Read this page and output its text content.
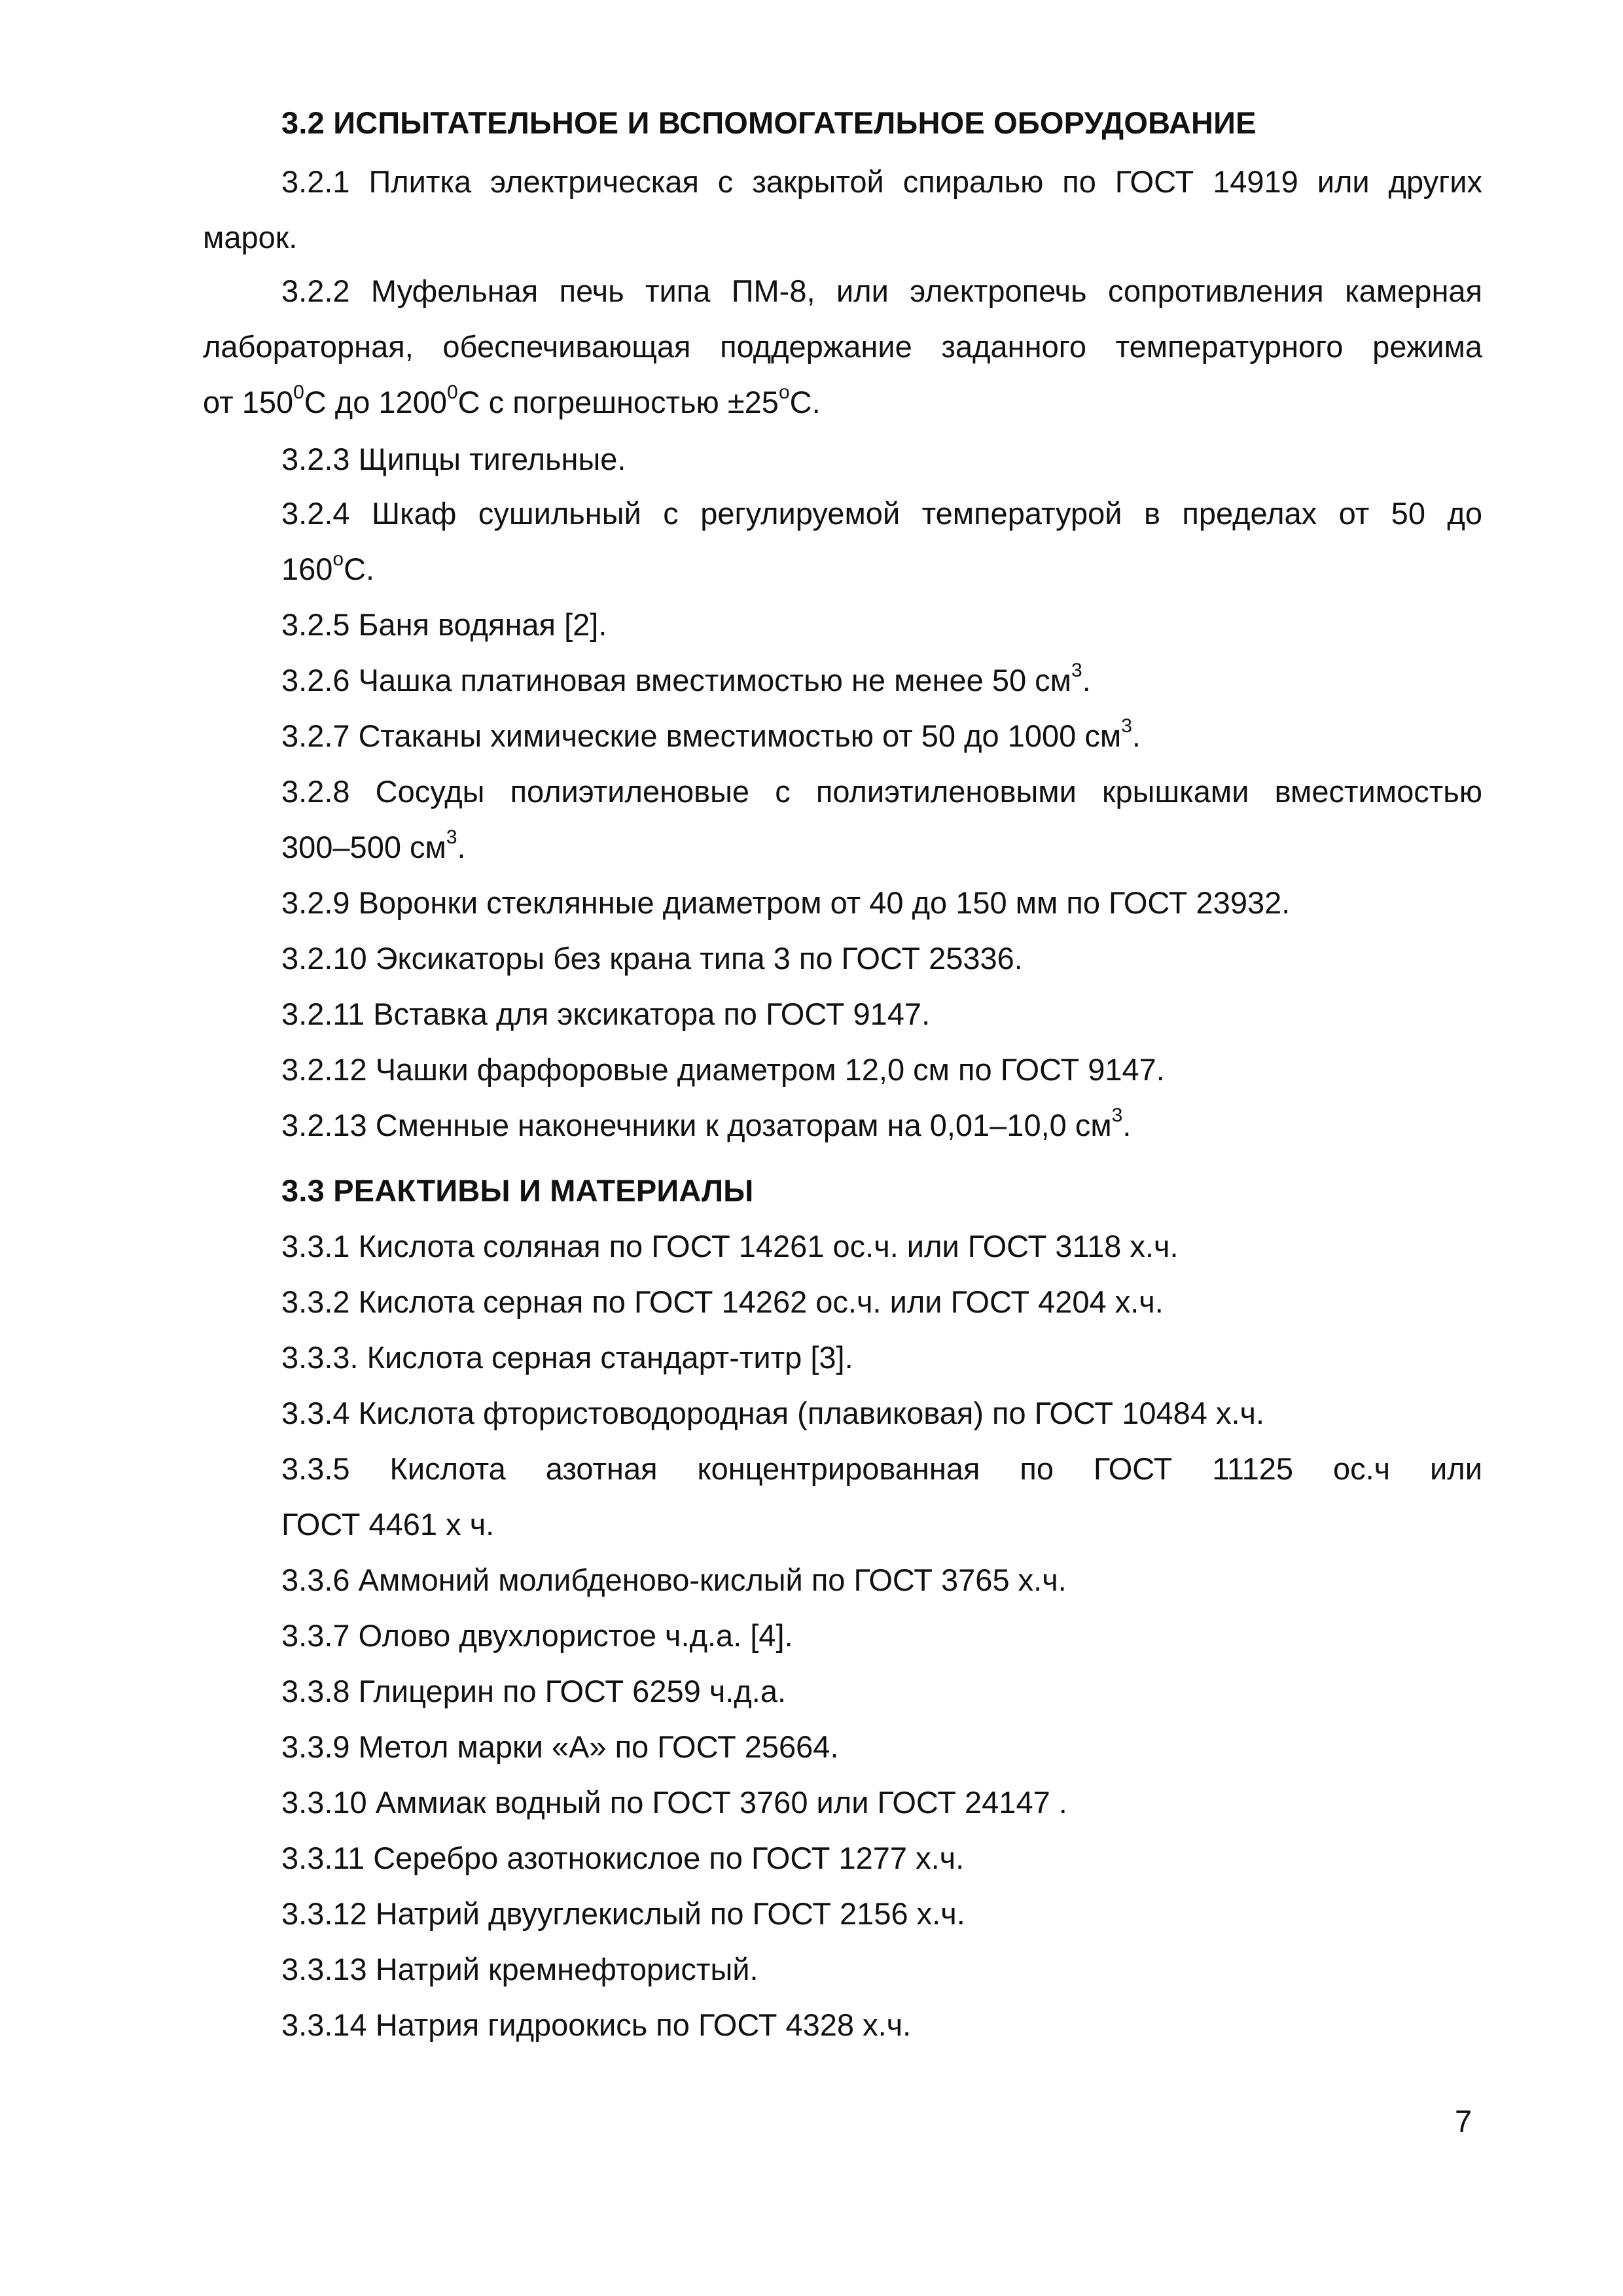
3.2 ИСПЫТАТЕЛЬНОЕ И ВСПОМОГАТЕЛЬНОЕ ОБОРУДОВАНИЕ
3.2.1 Плитка электрическая с закрытой спиралью по ГОСТ 14919 или других
марок.
3.2.2 Муфельная печь типа ПМ-8, или электропечь сопротивления камерная
лабораторная, обеспечивающая поддержание заданного температурного режима
от $150^0С$ до 1200$^0$С с погрешностью $\pm 25^оС$.
3.2.3 Щипцы тигельные.
3.2.4 Шкаф сушильный с регулируемой температурой в пределах от 50 до
$160^оС$.
3.2.5 Баня водяная [2].
3.2.6 Чашка платиновая вместимостью не менее 50 $см^3$.
3.2.7 Стаканы химические вместимостью от 50 до 1000 $см^3$.
3.2.8 Сосуды полиэтиленовые с полиэтиленовыми крышками вместимостью
300–500 $см^3$.
3.2.9 Воронки стеклянные диаметром от 40 до 150 мм по ГОСТ 23932.
3.2.10 Эксикаторы без крана типа 3 по ГОСТ 25336.
3.2.11 Вставка для эксикатора по ГОСТ 9147.
3.2.12 Чашки фарфоровые диаметром 12,0 см по ГОСТ 9147.
3.2.13 Сменные наконечники к дозаторам на 0,01–10,0 $см^3$.
3.3 РЕАКТИВЫ И МАТЕРИАЛЫ
3.3.1 Кислота соляная по ГОСТ 14261 ос.ч. или ГОСТ 3118 х.ч.
3.3.2 Кислота серная по ГОСТ 14262 ос.ч. или ГОСТ 4204 х.ч.
3.3.3. Кислота серная стандарт-титр [3].
3.3.4 Кислота фтористоводородная (плавиковая) по ГОСТ 10484 х.ч.
3.3.5 Кислота азотная концентрированная по ГОСТ 11125 ос.ч или
ГОСТ 4461 х ч.
3.3.6 Аммоний молибденово-кислый по ГОСТ 3765 х.ч.
3.3.7 Олово двухлористое ч.д.а. [4].
3.3.8 Глицерин по ГОСТ 6259 ч.д.а.
3.3.9 Метол марки «А» по ГОСТ 25664.
3.3.10 Аммиак водный по ГОСТ 3760 или ГОСТ 24147 .
3.3.11 Серебро азотнокислое по ГОСТ 1277 х.ч.
3.3.12 Натрий двууглекислый по ГОСТ 2156 х.ч.
3.3.13 Натрий кремнефтористый.
3.3.14 Натрия гидроокись по ГОСТ 4328 х.ч.
7
